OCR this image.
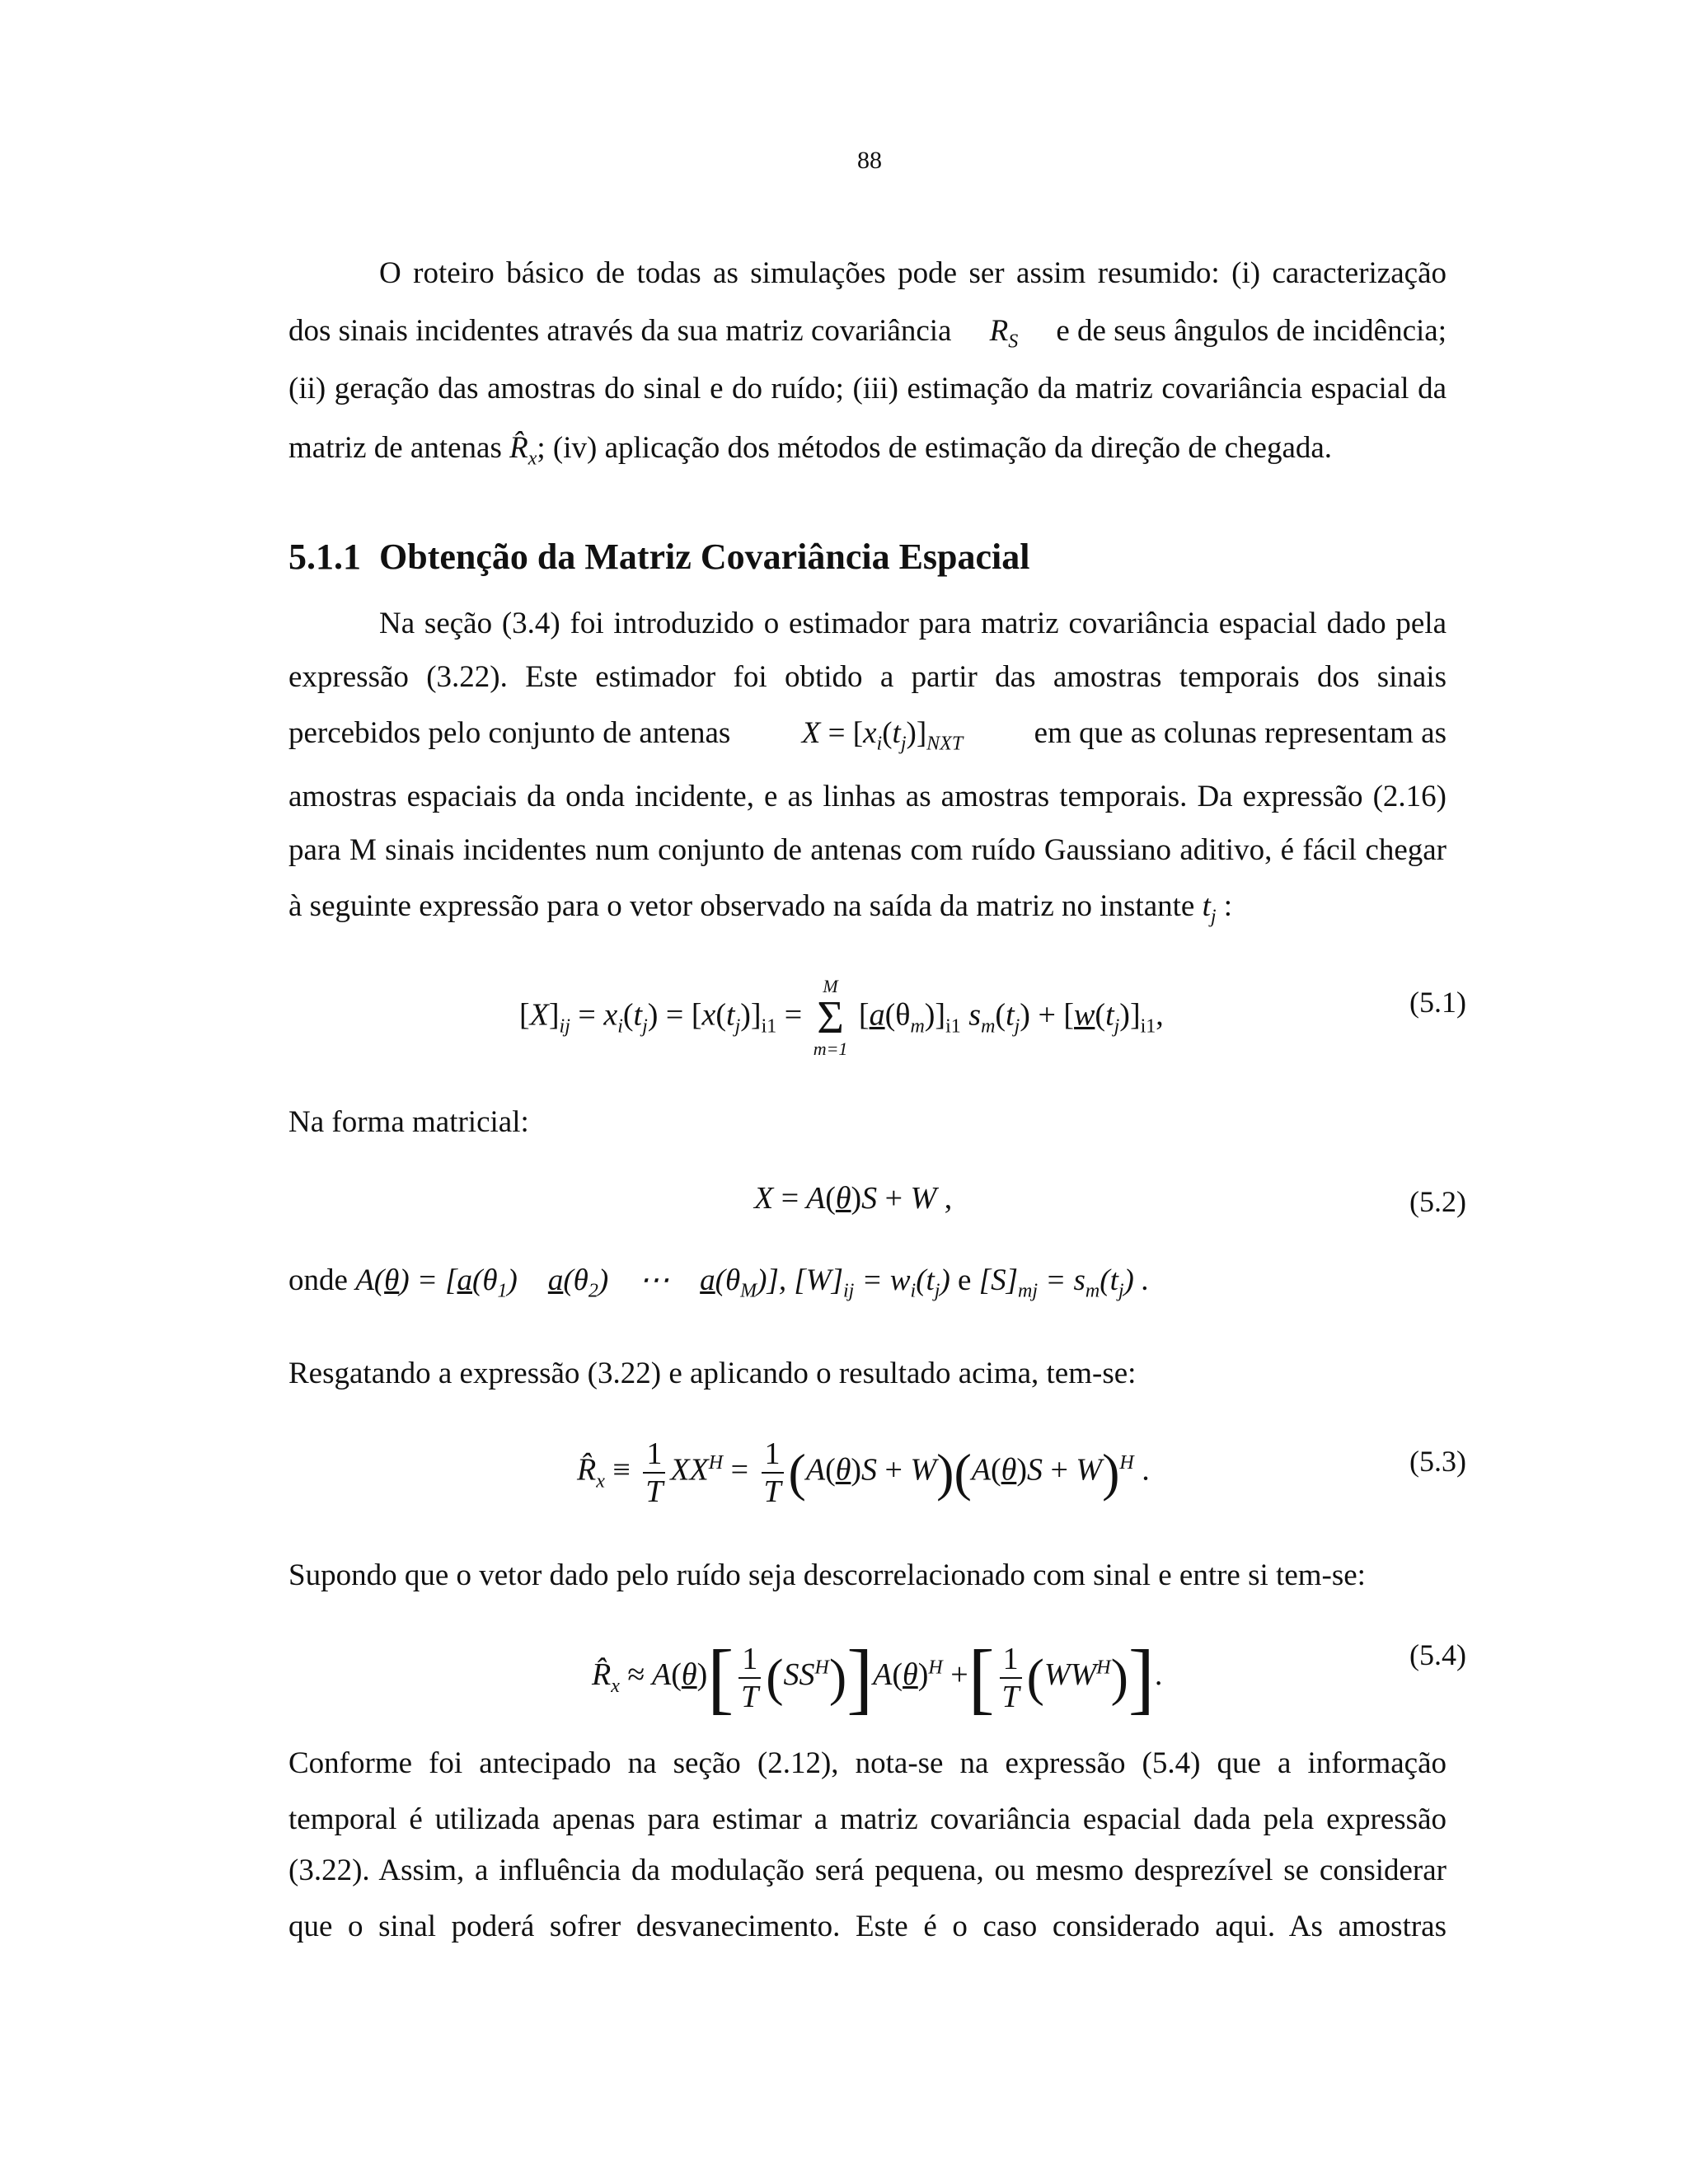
88
O roteiro básico de todas as simulações pode ser assim resumido: (i) caracterização
dos sinais incidentes através da sua matriz covariância $R_S$ e de seus ângulos de incidência;
(ii) geração das amostras do sinal e do ruído; (iii) estimação da matriz covariância espacial da
matriz de antenas $R̂_x$; (iv) aplicação dos métodos de estimação da direção de chegada.
5.1.1 Obtenção da Matriz Covariância Espacial
Na seção (3.4) foi introduzido o estimador para matriz covariância espacial dado pela
expressão (3.22). Este estimador foi obtido a partir das amostras temporais dos sinais
percebidos pelo conjunto de antenas $X = [x_i(t_j)]_{NXT}$ em que as colunas representam as
amostras espaciais da onda incidente, e as linhas as amostras temporais. Da expressão (2.16)
para M sinais incidentes num conjunto de antenas com ruído Gaussiano aditivo, é fácil chegar
à seguinte expressão para o vetor observado na saída da matriz no instante $t_j$ :
$[X]_{ij} = x_i(t_j) = [x(t_j)]_{i1}$ =
M
Σ
m=1
$[a(\theta_m)]_{i1}$ $s_m(t_j) + [w(t_j)]_{i1}$,	(5.1)
Na forma matricial:
X = A(θ)S + W ,	(5.2)
onde $A(\theta) = [a(\theta_1)$    $a(\theta_2)$    ⋯    $a(\theta_M)$], $[W]_{ij} = w_i(t_j)$ e $[S]_{mj} = s_m(t_j)$ .
Resgatando a expressão (3.22) e aplicando o resultado acima, tem-se:
$R̂_x \equiv \frac{1}{T} XX^H = \frac{1}{T} (A(\theta)S + W)(A(\theta)S + W)^H$ .	(5.3)
Supondo que o vetor dado pelo ruído seja descorrelacionado com sinal e entre si tem-se:
$R̂_x \approx A(\theta)[ \frac{1}{T} (SS^H)]A(\theta)^H$ +[ $\frac{1}{T} (WW^H)$].
(5.4)
Conforme foi antecipado na seção (2.12), nota-se na expressão (5.4) que a informação
temporal é utilizada apenas para estimar a matriz covariância espacial dada pela expressão
(3.22). Assim, a influência da modulação será pequena, ou mesmo desprezível se considerar
que o sinal poderá sofrer desvanecimento. Este é o caso considerado aqui. As amostras
